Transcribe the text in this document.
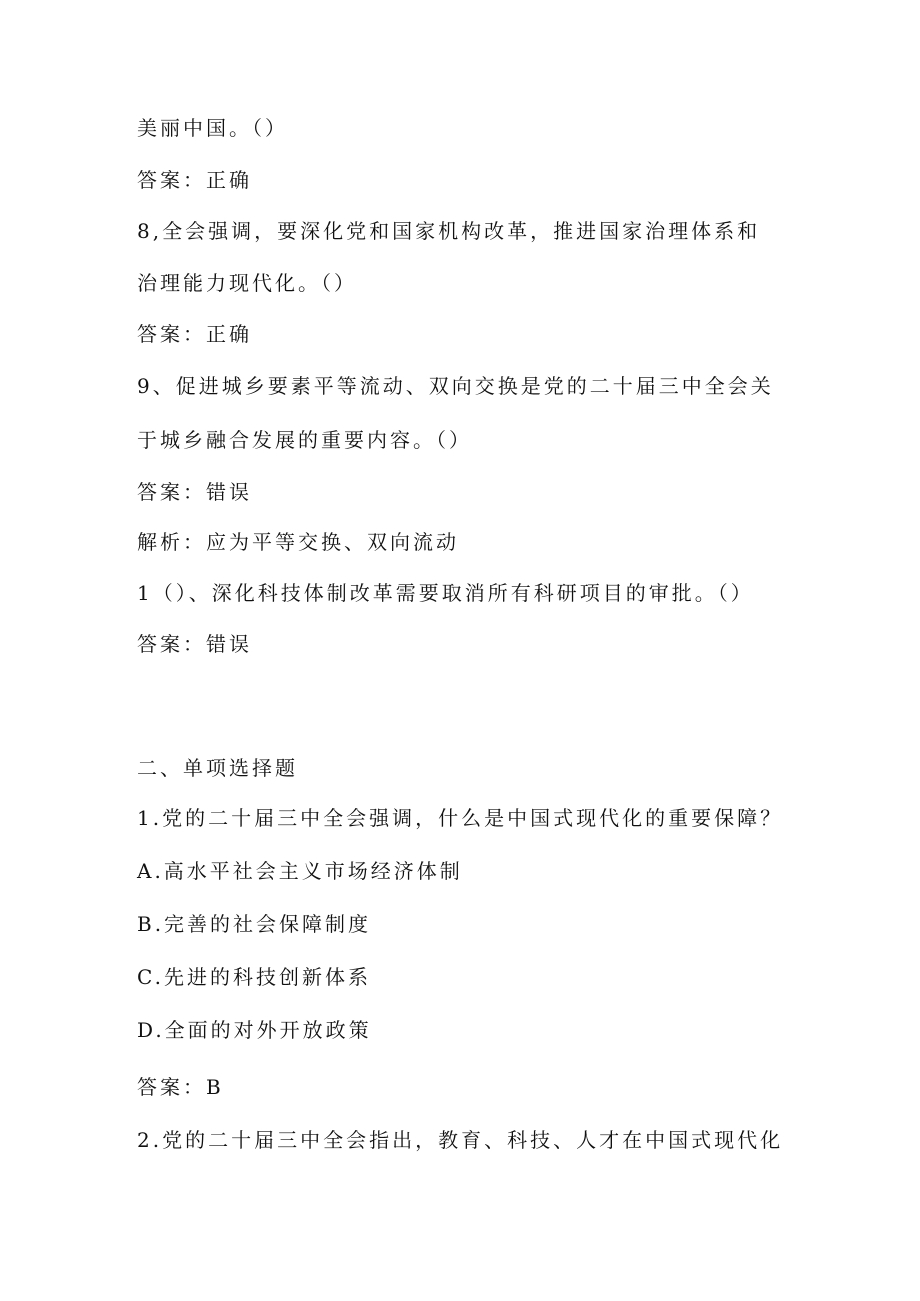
美丽中国。（）

答案：正确

8,全会强调，要深化党和国家机构改革，推进国家治理体系和

治理能力现代化。（）

答案：正确

9、促进城乡要素平等流动、双向交换是党的二十届三中全会关

于城乡融合发展的重要内容。（）

答案：错误

解析：应为平等交换、双向流动

1（）、深化科技体制改革需要取消所有科研项目的审批。（）

答案：错误

二、单项选择题

1.党的二十届三中全会强调，什么是中国式现代化的重要保障？

A.高水平社会主义市场经济体制

B.完善的社会保障制度

C.先进的科技创新体系

D.全面的对外开放政策

答案：B

2.党的二十届三中全会指出，教育、科技、人才在中国式现代化
